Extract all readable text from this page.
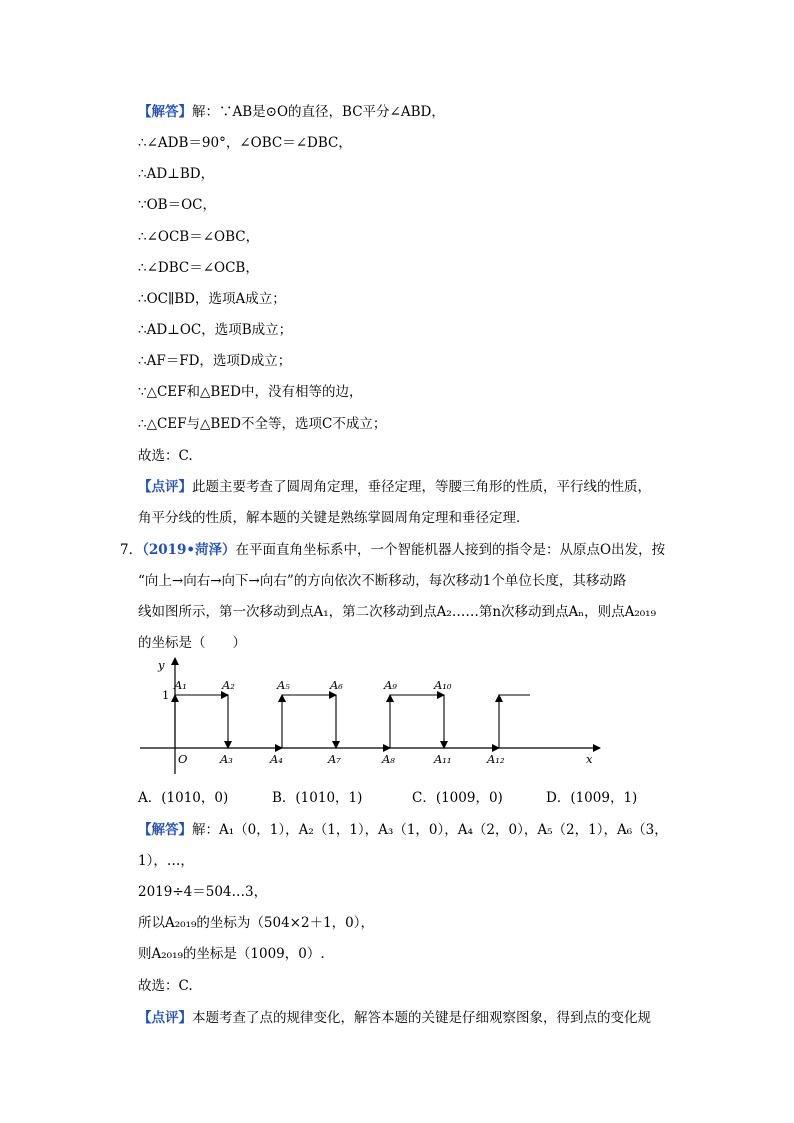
【解答】解：∵AB是⊙O的直径，BC平分∠ABD，
∴∠ADB＝90°，∠OBC＝∠DBC，
∴AD⊥BD，
∵OB＝OC，
∴∠OCB＝∠OBC，
∴∠DBC＝∠OCB，
∴OC∥BD，选项A成立；
∴AD⊥OC，选项B成立；
∴AF＝FD，选项D成立；
∵△CEF和△BED中，没有相等的边，
∴△CEF与△BED不全等，选项C不成立；
故选：C.
【点评】此题主要考查了圆周角定理，垂径定理，等腰三角形的性质，平行线的性质，
角平分线的性质，解本题的关键是熟练掌圆周角定理和垂径定理．
7．（2019•菏泽）在平面直角坐标系中，一个智能机器人接到的指令是：从原点O出发，按
“向上→向右→向下→向右”的方向依次不断移动，每次移动1个单位长度，其移动路
线如图所示，第一次移动到点A₁，第二次移动到点A₂……第n次移动到点Aₙ，则点A₂₀₁₉
的坐标是（　　）
y
x
O
1
A₁	A₂
A₃	A₄
A₅	A₆
A₇	A₈
A₉	A₁₀
A₁₁	A₁₂
A．(1010，0)	B．(1010，1)	C．(1009，0)	D．(1009，1)
【解答】解：A₁（0，1），A₂（1，1），A₃（1，0），A₄（2，0），A₅（2，1），A₆（3，
1），…，
2019÷4＝504…3，
所以A₂₀₁₉的坐标为（504×2＋1，0），
则A₂₀₁₉的坐标是（1009，0）.
故选：C.
【点评】本题考查了点的规律变化，解答本题的关键是仔细观察图象，得到点的变化规
